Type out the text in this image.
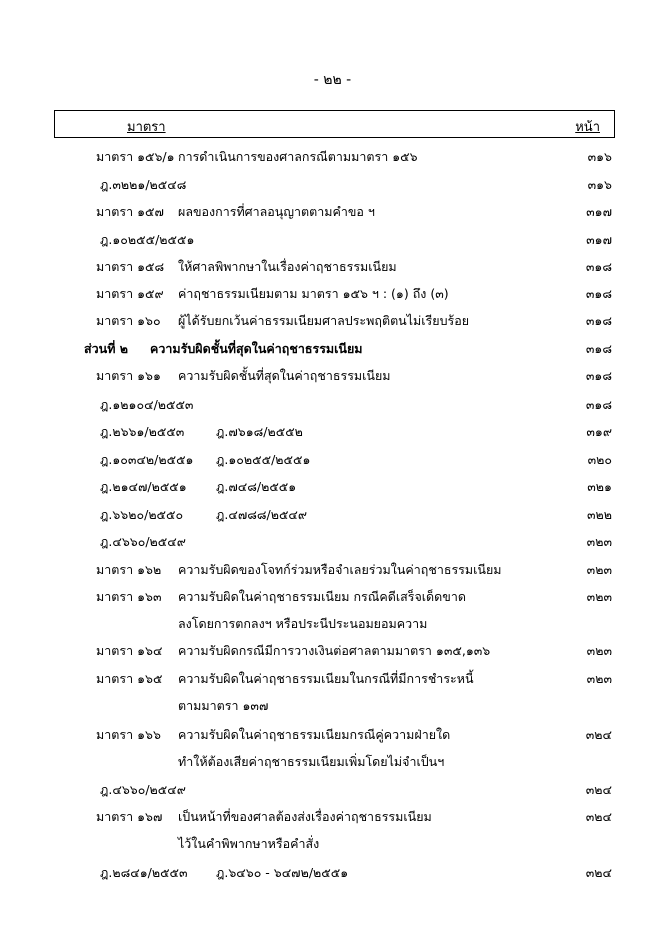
- ๒๒ -
มาตรา	หน้า
มาตรา ๑๕๖/๑ การดำเนินการของศาลกรณีตามมาตรา ๑๕๖	๓๑๖
ฎ.๓๒๒๑/๒๕๔๘	๓๑๖
มาตรา ๑๕๗ ผลของการที่ศาลอนุญาตตามคำขอ ฯ	๓๑๗
ฎ.๑๐๒๕๕/๒๕๕๑	๓๑๗
มาตรา ๑๕๘ ให้ศาลพิพากษาในเรื่องค่าฤชาธรรมเนียม	๓๑๘
มาตรา ๑๕๙ ค่าฤชาธรรมเนียมตาม มาตรา ๑๕๖ ฯ : (๑) ถึง (๓)	๓๑๘
มาตรา ๑๖๐ ผู้ได้รับยกเว้นค่าธรรมเนียมศาลประพฤติตนไม่เรียบร้อย	๓๑๘
ส่วนที่ ๒ ความรับผิดชั้นที่สุดในค่าฤชาธรรมเนียม	๓๑๘
มาตรา ๑๖๑ ความรับผิดชั้นที่สุดในค่าฤชาธรรมเนียม	๓๑๘
ฎ.๑๒๑๐๔/๒๕๕๓	๓๑๘
ฎ.๒๖๖๑/๒๕๕๓	ฎ.๗๖๑๘/๒๕๕๒	๓๑๙
ฎ.๑๐๓๔๒/๒๕๕๑ ฎ.๑๐๒๕๕/๒๕๕๑	๓๒๐
ฎ.๒๑๔๗/๒๕๕๑ ฎ.๗๔๘/๒๕๕๑	๓๒๑
ฎ.๖๖๒๐/๒๕๕๐	ฎ.๔๗๘๘/๒๕๔๙	๓๒๒
ฎ.๔๖๖๐/๒๕๔๙	๓๒๓
มาตรา ๑๖๒ ความรับผิดของโจทก์ร่วมหรือจำเลยร่วมในค่าฤชาธรรมเนียม	๓๒๓
มาตรา ๑๖๓ ความรับผิดในค่าฤชาธรรมเนียม กรณีคดีเสร็จเด็ดขาด
ลงโดยการตกลงฯ หรือประนีประนอมยอมความ
๓๒๓
มาตรา ๑๖๔ ความรับผิดกรณีมีการวางเงินต่อศาลตามมาตรา ๑๓๕,๑๓๖	๓๒๓
มาตรา ๑๖๕ ความรับผิดในค่าฤชาธรรมเนียมในกรณีที่มีการชำระหนี้
ตามมาตรา ๑๓๗
๓๒๓
มาตรา ๑๖๖ ความรับผิดในค่าฤชาธรรมเนียมกรณีคู่ความฝ่ายใด
ทำให้ต้องเสียค่าฤชาธรรมเนียมเพิ่มโดยไม่จำเป็นฯ
๓๒๔
ฎ.๔๖๖๐/๒๕๔๙	๓๒๔
มาตรา ๑๖๗ เป็นหน้าที่ของศาลต้องส่งเรื่องค่าฤชาธรรมเนียม
ไว้ในคำพิพากษาหรือคำสั่ง
๓๒๔
ฎ.๒๘๔๑/๒๕๕๓ ฎ.๖๔๖๐ - ๖๔๗๒/๒๕๕๑	๓๒๔
